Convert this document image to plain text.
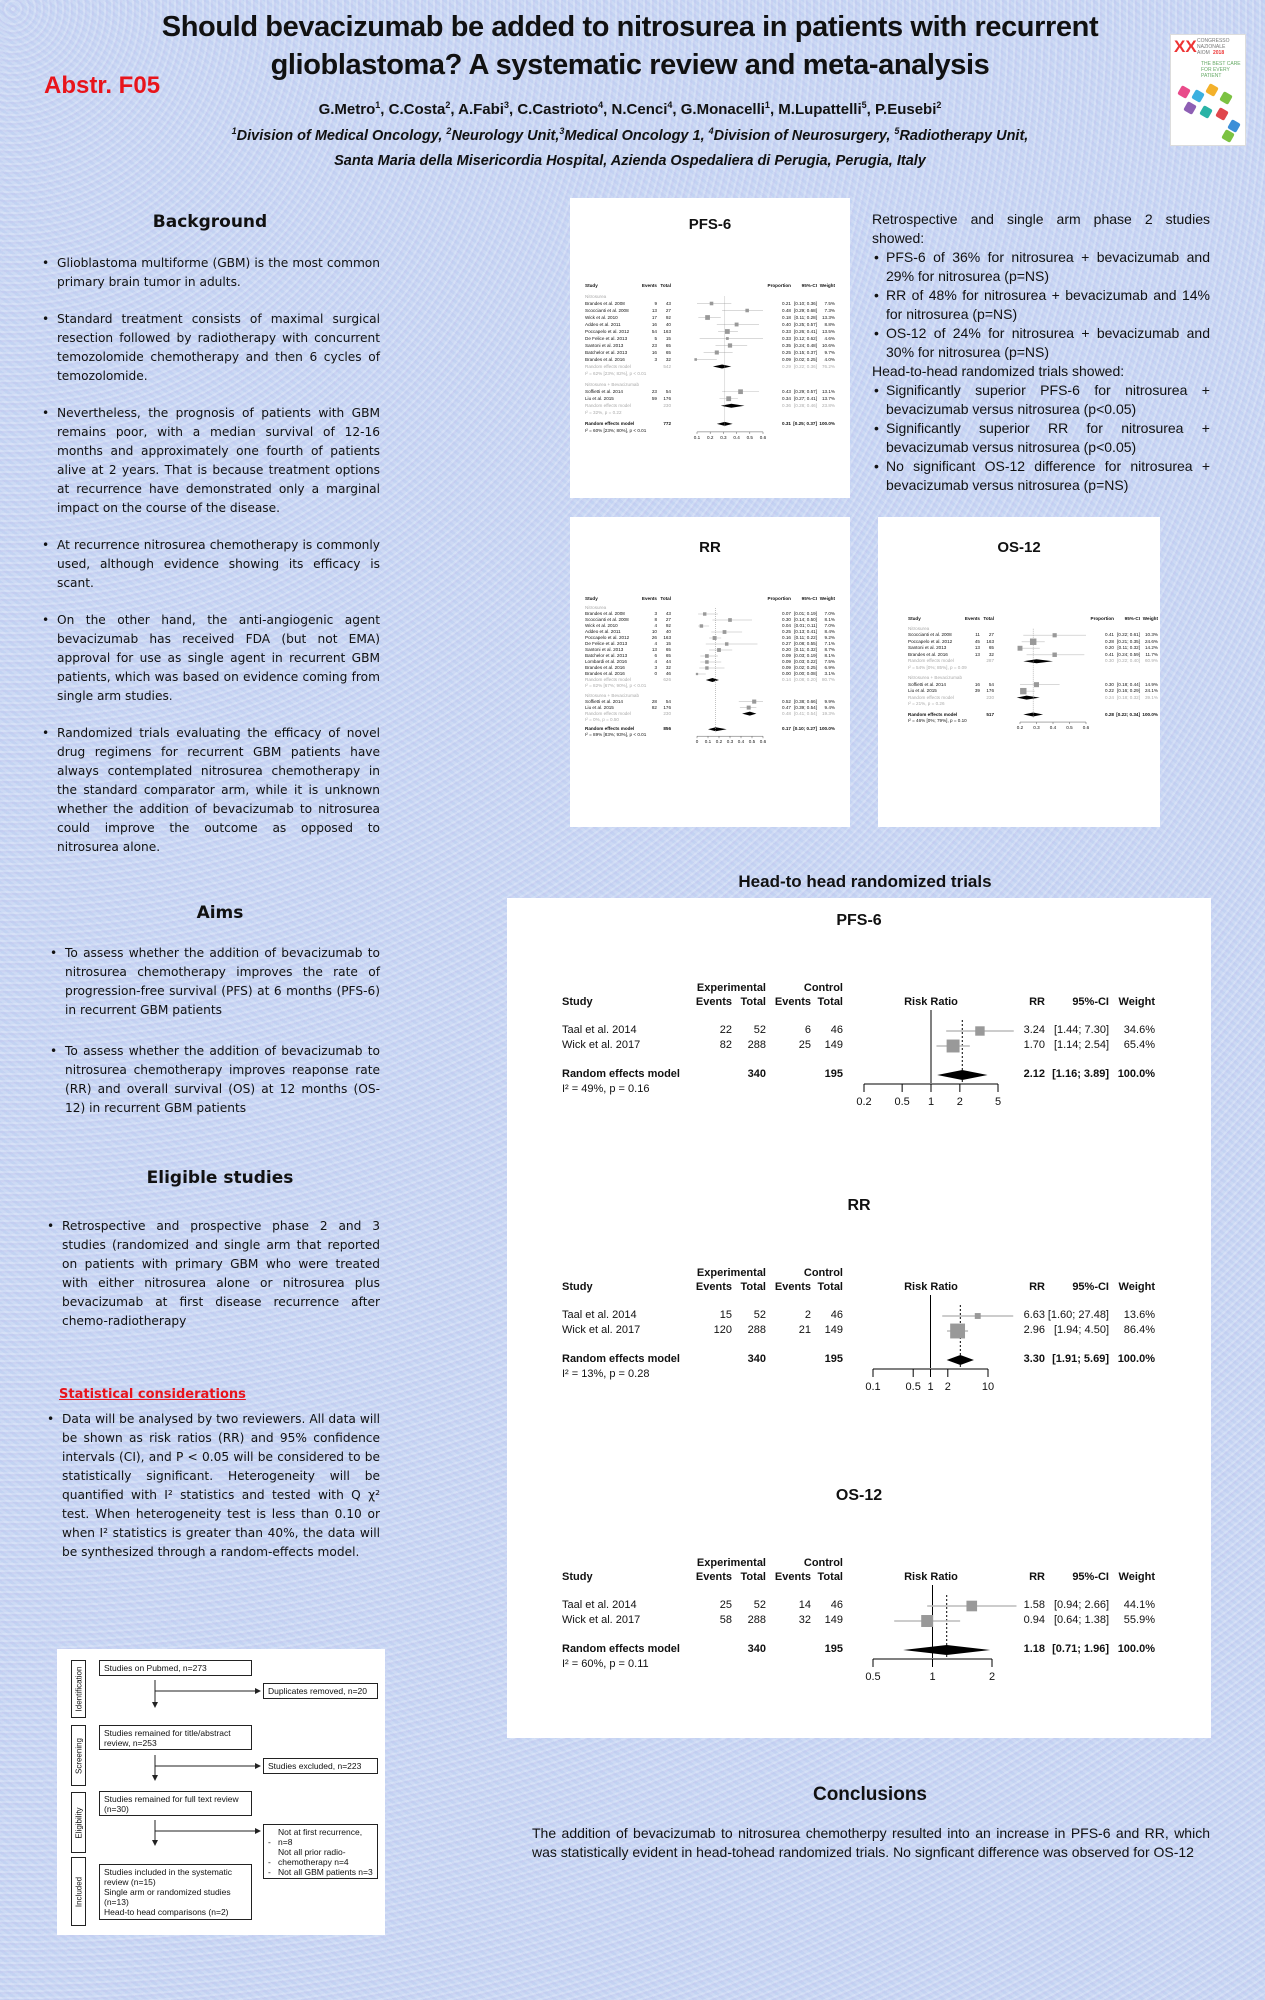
Should bevacizumab be added to nitrosurea in patients with recurrent
glioblastoma? A systematic review and meta-analysis
Abstr. F05
G.Metro$^1$, C.Costa$^2$, A.Fabi$^3$, C.Castrioto$^4$, N.Cenci$^4$, G.Monacelli$^1$, M.Lupattelli$^5$, P.Eusebi$^2$
$^1$Division of Medical Oncology, $^2$Neurology Unit,$^3$Medical Oncology 1, $^4$Division of Neurosurgery, $^5$Radiotherapy Unit,
Santa Maria della Misericordia Hospital, Azienda Ospedaliera di Perugia, Perugia, Italy
XX CONGRESSO
NAZIONALE
AIOM 2018
THE BEST CARE FOR EVERY PATIENT
Background
• Glioblastoma multiforme (GBM) is the most common primary brain tumor in adults.
• Standard treatment consists of maximal surgical resection followed by radiotherapy with concurrent temozolomide chemotherapy and then 6 cycles of temozolomide.
• Nevertheless, the prognosis of patients with GBM remains poor, with a median survival of 12-16 months and approximately one fourth of patients alive at 2 years. That is because treatment options at recurrence have demonstrated only a marginal impact on the course of the disease.
• At recurrence nitrosurea chemotherapy is commonly used, although evidence showing its efficacy is scant.
• On the other hand, the anti-angiogenic agent bevacizumab has received FDA (but not EMA) approval for use as single agent in recurrent GBM patients, which was based on evidence coming from single arm studies.
• Randomized trials evaluating the efficacy of novel drug regimens for recurrent GBM patients have always contemplated nitrosurea chemotherapy in the standard comparator arm, while it is unknown whether the addition of bevacizumab to nitrosurea could improve the outcome as opposed to nitrosurea alone.
Aims
• To assess whether the addition of bevacizumab to nitrosurea chemotherapy improves the rate of progression-free survival (PFS) at 6 months (PFS-6) in recurrent GBM patients
• To assess whether the addition of bevacizumab to nitrosurea chemotherapy improves reaponse rate (RR) and overall survival (OS) at 12 months (OS-12) in recurrent GBM patients
Eligible studies
• Retrospective and prospective phase 2 and 3 studies (randomized and single arm that reported on patients with primary GBM who were treated with either nitrosurea alone or nitrosurea plus bevacizumab at first disease recurrence after chemo-radiotherapy
Statistical considerations
• Data will be analysed by two reviewers. All data will be shown as risk ratios (RR) and 95% confidence intervals (CI), and P < 0.05 will be considered to be statistically significant. Heterogeneity will be quantified with I² statistics and tested with Q χ² test. When heterogeneity test is less than 0.10 or when I² statistics is greater than 40%, the data will be synthesized through a random-effects model.
Identification
Screening
Eligibility
Included
Studies on Pubmed, n=273
Duplicates removed, n=20
Studies remained for title/abstract review, n=253
Studies excluded, n=223
Studies remained for full text review (n=30)
Not at first recurrence, n=8
-
Not all prior radio-chemotherapy n=4
-
Not all GBM patients n=3
-
Studies included in the systematic review (n=15)
Single arm or randomized studies (n=13)
Head-to head comparisons (n=2)
PFS-6
Study	Events Total	Proportion	95%-CI Weight
Nitrosurea
Brandes et al. 2008	9	43	0.21 [0.10; 0.36]	7.5%
Scoccianti et al. 2008	13	27	0.48 [0.29; 0.68]	7.3%
Wick et al. 2010	17	92	0.18 [0.11; 0.28]	13.3%
Addeo et al. 2011	16	40	0.40 [0.25; 0.57]	8.8%
Poccapelo et al. 2012	54	163	0.33 [0.26; 0.41]	13.5%
De Felice et al. 2013	5	15	0.33 [0.12; 0.62]	4.6%
Santoni et al. 2013	23	65	0.35 [0.24; 0.48]	10.6%
Batchelor et al. 2013	16	65	0.25 [0.15; 0.37]	9.7%
Brandes et al. 2016	3	32	0.09 [0.02; 0.25]	4.0%
Random effects model	542	0.29 [0.22; 0.36]	76.2%
I² = 62% [23%; 82%], p < 0.01
Nitrosurea + Bevacizumab
Soffietti et al. 2014	23	54	0.43 [0.29; 0.57]	13.1%
Liu et al. 2015	59	176	0.34 [0.27; 0.41]	13.7%
Random effects model	230	0.36 [0.28; 0.46]	23.8%
I² = 32%, p = 0.22
Random effects model	772	0.31 [0.25; 0.37] 100.0%
I² = 60% [23%; 80%], p < 0.01
0.1	0.2	0.3	0.4	0.5	0.6
RR
Study	Events Total	Proportion	95%-CI Weight
Nitrosurea
Brandes et al. 2008	3	43	0.07 [0.01; 0.19]	7.0%
Scoccianti et al. 2008	8	27	0.30 [0.14; 0.50]	8.1%
Wick et al. 2010	4	92	0.04 [0.01; 0.11]	7.0%
Addeo et al. 2011	10	40	0.25 [0.13; 0.41]	8.4%
Poccapelo et al. 2012	26	163	0.16 [0.11; 0.22]	9.2%
De Felice et al. 2013	4	15	0.27 [0.08; 0.55]	7.1%
Santoni et al. 2013	13	65	0.20 [0.11; 0.32]	8.7%
Batchelor et al. 2013	6	65	0.09 [0.03; 0.19]	8.1%
Lombardi et al. 2016	4	44	0.09 [0.03; 0.22]	7.5%
Brandes et al. 2016	3	32	0.09 [0.02; 0.25]	6.9%
Brandes et al. 2016	0	46	0.00 [0.00; 0.08]	3.1%
Random effects model	626	0.14 [0.08; 0.20]	80.7%
I² = 82% [67%; 90%], p < 0.01
Nitrosurea + Bevacizumab
Soffietti et al. 2014	28	54	0.52 [0.38; 0.66]	9.9%
Liu et al. 2015	82	176	0.47 [0.39; 0.54]	9.4%
Random effects model	230	0.48 [0.41; 0.54]	19.3%
I² = 0%, p = 0.50
Random effects model	856	0.17 [0.10; 0.27] 100.0%
I² = 89% [83%; 93%], p < 0.01
0	0.1	0.2	0.3	0.4	0.5	0.6
OS-12
Study	Events Total	Proportion	95%-CI Weight
Nitrosurea
Scoccianti et al. 2008	11	27	0.41 [0.22; 0.61]	10.3%
Poccapelo et al. 2012	45	163	0.28 [0.21; 0.35]	24.6%
Santoni et al. 2013	13	65	0.20 [0.11; 0.32]	14.2%
Brandes et al. 2016	13	32	0.41 [0.24; 0.59]	11.7%
Random effects model	287	0.30 [0.22; 0.40]	60.9%
I² = 54% [0%; 85%], p = 0.09
Nitrosurea + Bevacizumab
Soffietti et al. 2014	16	54	0.30 [0.18; 0.44]	14.9%
Liu et al. 2015	39	176	0.22 [0.16; 0.29]	24.1%
Random effects model	230	0.24 [0.18; 0.32]	39.1%
I² = 21%, p = 0.26
Random effects model	517	0.28 [0.22; 0.34] 100.0%
I² = 46% [0%; 79%], p = 0.10
0.2	0.3	0.4	0.5	0.6

Retrospective and single arm phase 2 studies showed:

• PFS-6 of 36% for nitrosurea + bevacizumab and 29% for nitrosurea (p=NS)
• RR of 48% for nitrosurea + bevacizumab and 14% for nitrosurea (p=NS)
• OS-12 of 24% for nitrosurea + bevacizumab and 30% for nitrosurea (p=NS)

Head-to-head randomized trials showed:

• Significantly superior PFS-6 for nitrosurea + bevacizumab versus nitrosurea (p<0.05)
• Significantly superior RR for nitrosurea + bevacizumab versus nitrosurea (p<0.05)
• No significant OS-12 difference for nitrosurea + bevacizumab versus nitrosurea (p=NS)
Head-to head randomized trials
PFS-6
Experimental	Control
Study	Events Total Events Total	Risk Ratio	RR	95%-CI Weight
Taal et al. 2014	22	52	6	46	3.24 [1.44; 7.30]	34.6%
Wick et al. 2017	82	288	25	149	1.70 [1.14; 2.54]	65.4%
Random effects model	340	195	2.12 [1.16; 3.89] 100.0%
I² = 49%, p = 0.16
0.2	0.5	1	2	5
RR
Experimental	Control
Study	Events Total Events Total	Risk Ratio	RR	95%-CI Weight
Taal et al. 2014	15	52	2	46	6.63 [1.60; 27.48]	13.6%
Wick et al. 2017	120	288	21	149	2.96 [1.94; 4.50]	86.4%
Random effects model	340	195	3.30 [1.91; 5.69] 100.0%
I² = 13%, p = 0.28
0.1	0.5 1	2	10
OS-12
Experimental	Control
Study	Events Total Events Total	Risk Ratio	RR	95%-CI Weight
Taal et al. 2014	25	52	14	46	1.58 [0.94; 2.66]	44.1%
Wick et al. 2017	58	288	32	149	0.94 [0.64; 1.38]	55.9%
Random effects model	340	195	1.18 [0.71; 1.96] 100.0%
I² = 60%, p = 0.11
0.5	1	2
Conclusions
The addition of bevacizumab to nitrosurea chemotherpy resulted into an increase in PFS-6 and RR, which was statistically evident in head-tohead randomized trials. No signficant difference was observed for OS-12
